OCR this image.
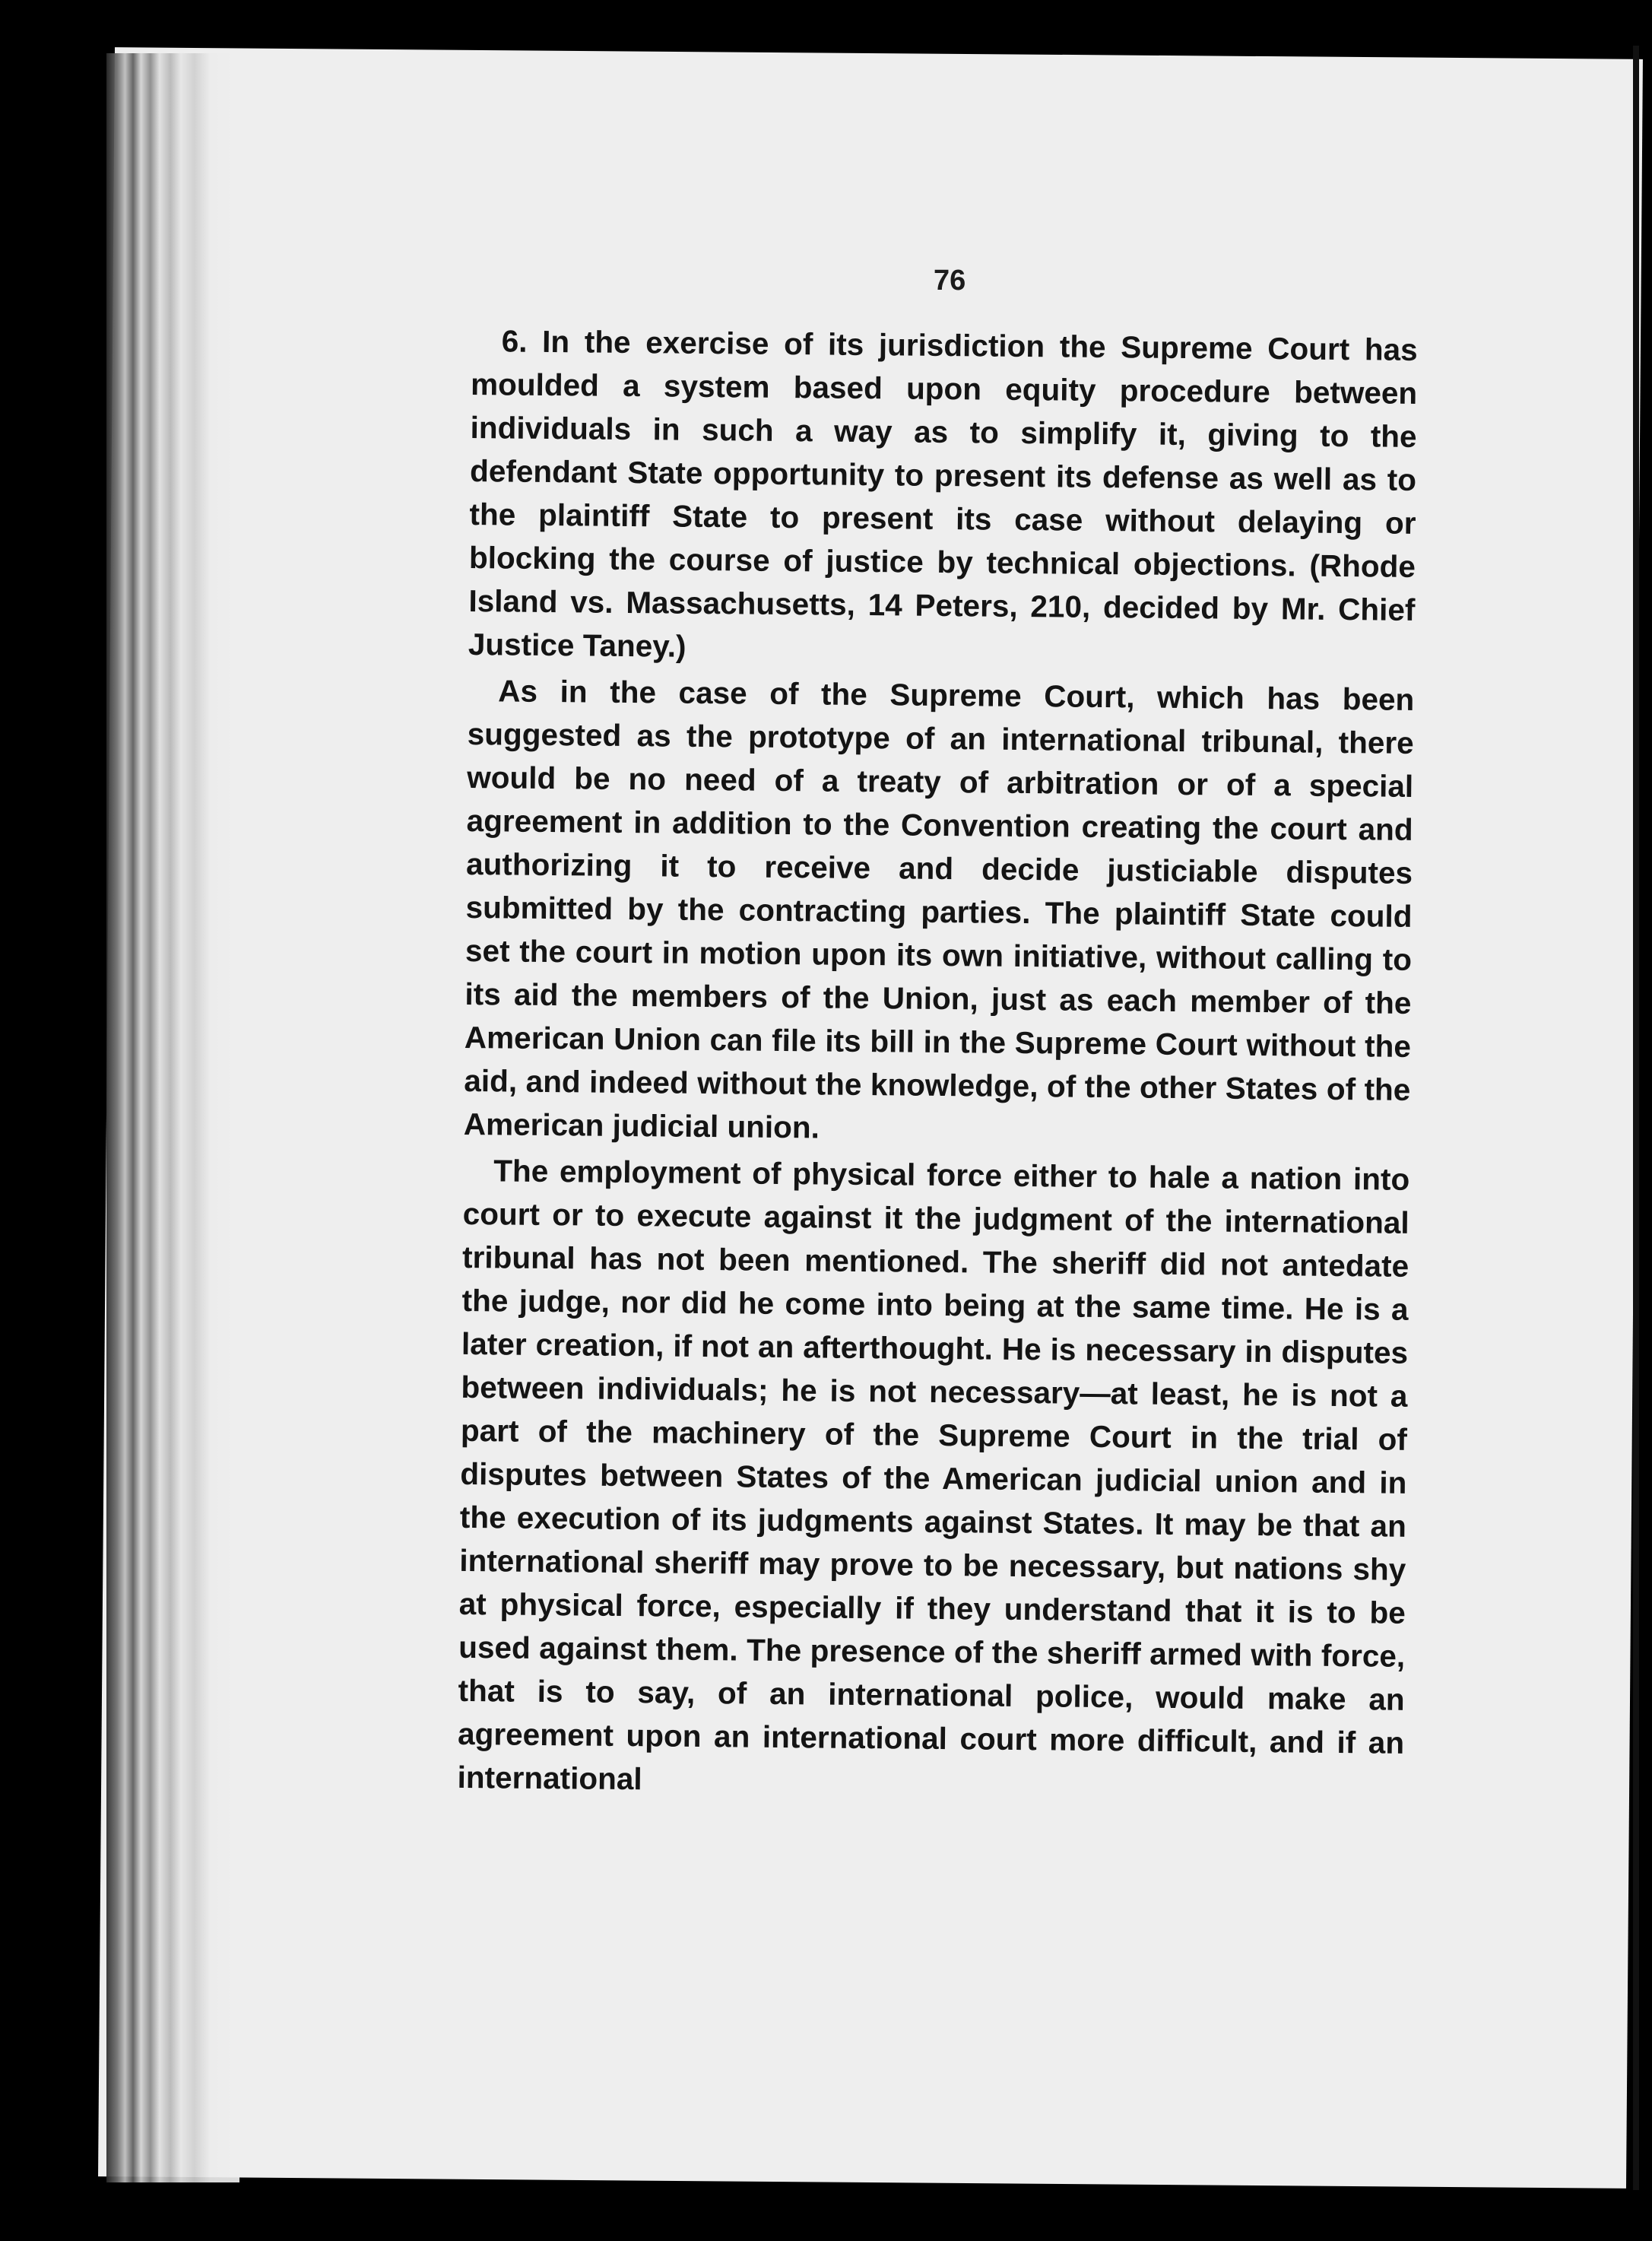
76

6. In the exercise of its jurisdiction the Supreme Court has moulded a system based upon equity procedure between individuals in such a way as to simplify it, giving to the defendant State opportunity to present its defense as well as to the plaintiff State to present its case without delaying or blocking the course of justice by technical objections. (Rhode Island vs. Massachusetts, 14 Peters, 210, decided by Mr. Chief Justice Taney.)

As in the case of the Supreme Court, which has been suggested as the prototype of an international tribunal, there would be no need of a treaty of arbitration or of a special agreement in addition to the Convention creating the court and authorizing it to receive and decide justiciable disputes submitted by the contracting parties. The plaintiff State could set the court in motion upon its own initiative, without calling to its aid the members of the Union, just as each member of the American Union can file its bill in the Supreme Court without the aid, and indeed without the knowledge, of the other States of the American judicial union.

The employment of physical force either to hale a nation into court or to execute against it the judgment of the international tribunal has not been mentioned. The sheriff did not antedate the judge, nor did he come into being at the same time. He is a later creation, if not an afterthought. He is necessary in disputes between individuals; he is not necessary—at least, he is not a part of the machinery of the Supreme Court in the trial of disputes between States of the American judicial union and in the execution of its judgments against States. It may be that an international sheriff may prove to be necessary, but nations shy at physical force, especially if they understand that it is to be used against them. The presence of the sheriff armed with force, that is to say, of an international police, would make an agreement upon an international court more difficult, and if an international
